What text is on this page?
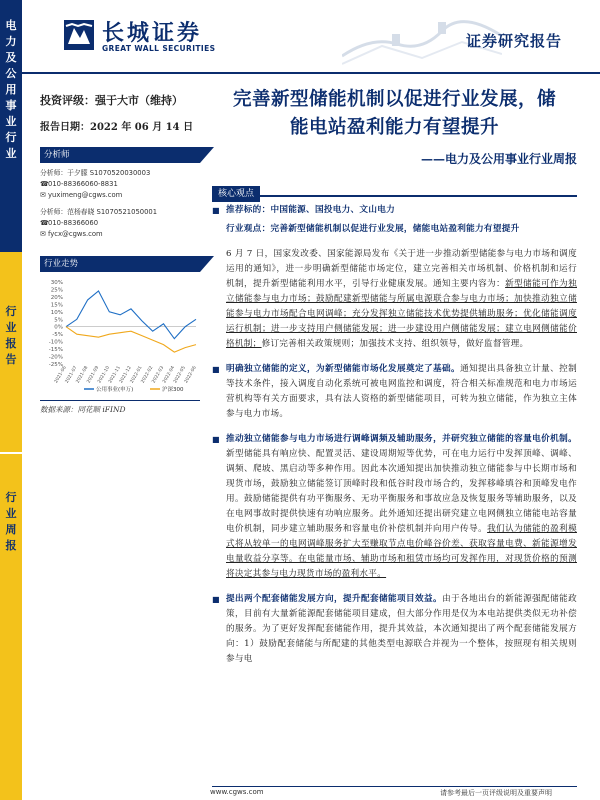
电
力
及
公
用
事
业
行
业
行
业
报
告
行
业
周
报
长城证券
GREAT WALL SECURITIES	证券研究报告
投资评级：强于大市（维持）
报告日期：2022 年 06 月 14 日
分析师
分析师：于夕朦 S1070520030003
☎010-88366060-8831
✉ yuximeng@cgws.com
分析师：范杨春晓 S1070521050001
☎010-88366060
✉ fycx@cgws.com
行业走势
30%
25%
20%
15%
10%
5%
0%
-5%
-10%
-15%
-20%
-25%
2021-06
2021-07
2021-08
2021-09
2021-10
2021-11
2021-12
2022-01
2022-02
2022-03
2022-04
2022-05
2022-06
公用事业(申万)	沪深300
数据来源：同花顺 iFIND
完善新型储能机制以促进行业发展，储
能电站盈利能力有望提升
——电力及公用事业行业周报
核心观点
■ 推荐标的：中国能源、国投电力、文山电力
行业观点：完善新型储能机制以促进行业发展，储能电站盈利能力有望提升
6 月 7 日，国家发改委、国家能源局发布《关于进一步推动新型储能参与电力市场和调度运用的通知》，进一步明确新型储能市场定位，建立完善相关市场机制、价格机制和运行机制，提升新型储能利用水平，引导行业健康发展。通知主要内容为：新型储能可作为独立储能参与电力市场；鼓励配建新型储能与所属电源联合参与电力市场；加快推动独立储能参与电力市场配合电网调峰；充分发挥独立储能技术优势提供辅助服务；优化储能调度运行机制；进一步支持用户侧储能发展；进一步建设用户侧储能发展；建立电网侧储能价格机制；修订完善相关政策规则；加强技术支持、组织领导，做好监督管理。
■ 明确独立储能的定义，为新型储能市场化发展奠定了基础。通知提出具备独立计量、控制等技术条件，接入调度自动化系统可被电网监控和调度，符合相关标准规范和电力市场运营机构等有关方面要求，具有法人资格的新型储能项目，可转为独立储能，作为独立主体参与电力市场。
■ 推动独立储能参与电力市场进行调峰调频及辅助服务，并研究独立储能的容量电价机制。新型储能具有响应快、配置灵活、建设周期短等优势，可在电力运行中发挥顶峰、调峰、调频、爬坡、黑启动等多种作用。因此本次通知提出加快推动独立储能参与中长期市场和现货市场，鼓励独立储能签订顶峰时段和低谷时段市场合约，发挥移峰填谷和顶峰发电作用。鼓励储能提供有功平衡服务、无功平衡服务和事故应急及恢复服务等辅助服务，以及在电网事故时提供快速有功响应服务。此外通知还提出研究建立电网侧独立储能电站容量电价机制，同步建立辅助服务和容量电价补偿机制并向用户传导。我们认为储能的盈利模式将从较单一的电网调峰服务扩大至赚取节点电价峰谷价差、获取容量电费、新能源增发电量收益分享等。在电能量市场、辅助市场和租赁市场均可发挥作用，对现货价格的预测将决定其参与电力现货市场的盈利水平。
■ 提出两个配套储能发展方向，提升配套储能项目效益。由于各地出台的新能源强配储能政策，目前有大量新能源配套储能项目建成，但大部分作用是仅为本电站提供类似无功补偿的服务。为了更好发挥配套储能作用，提升其效益，本次通知提出了两个配套储能发展方向：1）鼓励配套储能与所配建的其他类型电源联合并视为一个整体，按照现有相关规则参与电
www.cgws.com	请参考最后一页评级说明及重要声明
